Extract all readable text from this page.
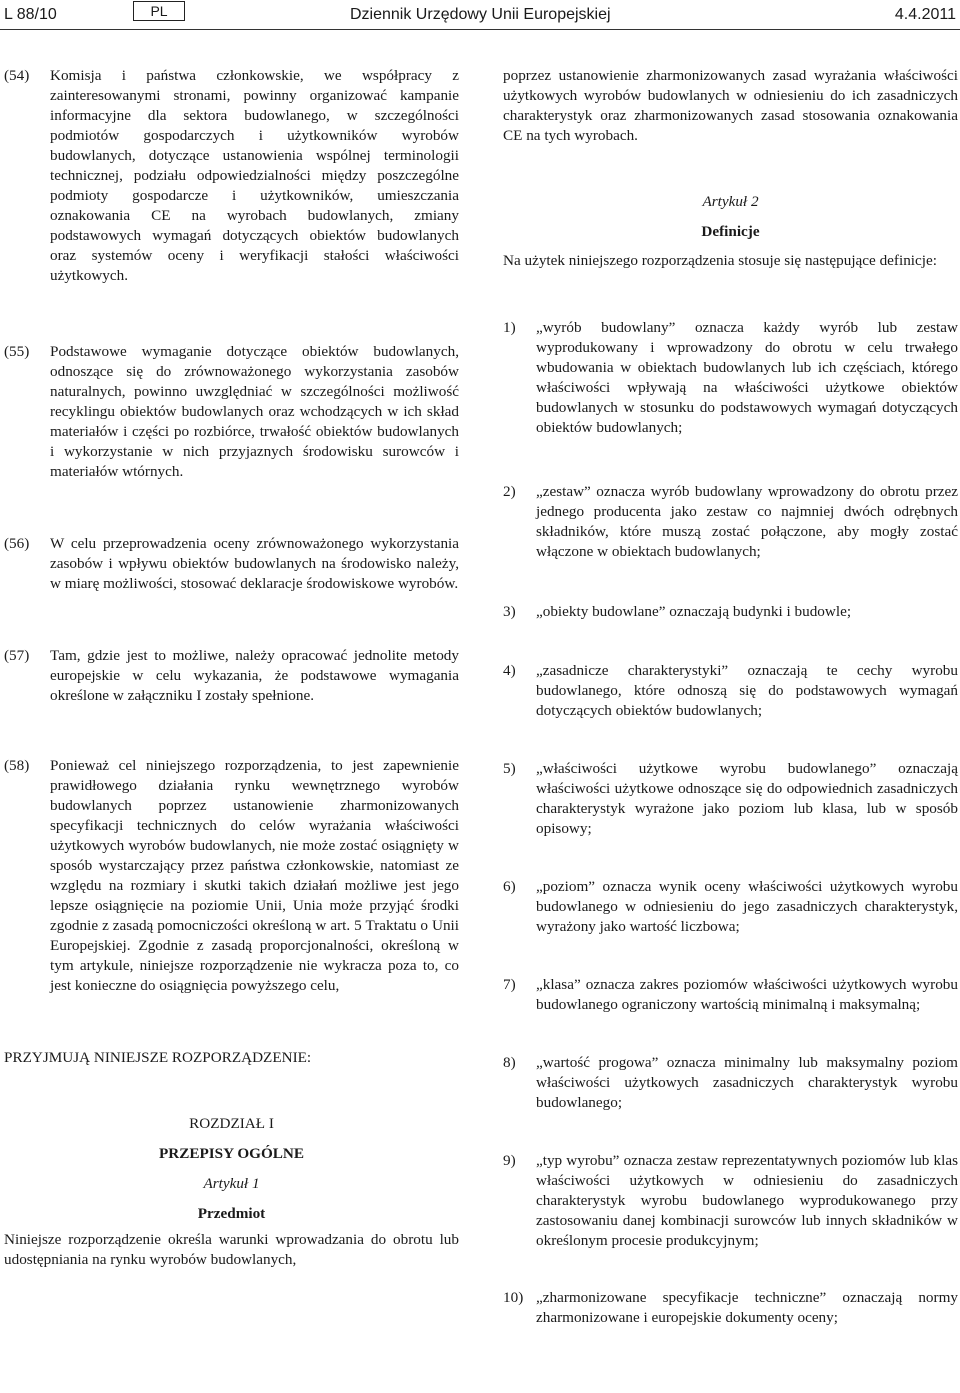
L 88/10	PL	Dziennik Urzędowy Unii Europejskiej	4.4.2011
(54) Komisja i państwa członkowskie, we współpracy z zainteresowanymi stronami, powinny organizować kampanie informacyjne dla sektora budowlanego, w szczególności podmiotów gospodarczych i użytkowników wyrobów budowlanych, dotyczące ustanowienia wspólnej terminologii technicznej, podziału odpowiedzialności między poszczególne podmioty gospodarcze i użytkowników, umieszczania oznakowania CE na wyrobach budowlanych, zmiany podstawowych wymagań dotyczących obiektów budowlanych oraz systemów oceny i weryfikacji stałości właściwości użytkowych.
(55) Podstawowe wymaganie dotyczące obiektów budowlanych, odnoszące się do zrównoważonego wykorzystania zasobów naturalnych, powinno uwzględniać w szczególności możliwość recyklingu obiektów budowlanych oraz wchodzących w ich skład materiałów i części po rozbiórce, trwałość obiektów budowlanych i wykorzystanie w nich przyjaznych środowisku surowców i materiałów wtórnych.
(56) W celu przeprowadzenia oceny zrównoważonego wykorzystania zasobów i wpływu obiektów budowlanych na środowisko należy, w miarę możliwości, stosować deklaracje środowiskowe wyrobów.
(57) Tam, gdzie jest to możliwe, należy opracować jednolite metody europejskie w celu wykazania, że podstawowe wymagania określone w załączniku I zostały spełnione.
(58) Ponieważ cel niniejszego rozporządzenia, to jest zapewnienie prawidłowego działania rynku wewnętrznego wyrobów budowlanych poprzez ustanowienie zharmonizowanych specyfikacji technicznych do celów wyrażania właściwości użytkowych wyrobów budowlanych, nie może zostać osiągnięty w sposób wystarczający przez państwa członkowskie, natomiast ze względu na rozmiary i skutki takich działań możliwe jest jego lepsze osiągnięcie na poziomie Unii, Unia może przyjąć środki zgodnie z zasadą pomocniczości określoną w art. 5 Traktatu o Unii Europejskiej. Zgodnie z zasadą proporcjonalności, określoną w tym artykule, niniejsze rozporządzenie nie wykracza poza to, co jest konieczne do osiągnięcia powyższego celu,
PRZYJMUJĄ NINIEJSZE ROZPORZĄDZENIE:
ROZDZIAŁ I
PRZEPISY OGÓLNE
Artykuł 1
Przedmiot
Niniejsze rozporządzenie określa warunki wprowadzania do obrotu lub udostępniania na rynku wyrobów budowlanych,
poprzez ustanowienie zharmonizowanych zasad wyrażania właściwości użytkowych wyrobów budowlanych w odniesieniu do ich zasadniczych charakterystyk oraz zharmonizowanych zasad stosowania oznakowania CE na tych wyrobach.
Artykuł 2
Definicje
Na użytek niniejszego rozporządzenia stosuje się następujące definicje:
1) „wyrób budowlany” oznacza każdy wyrób lub zestaw wyprodukowany i wprowadzony do obrotu w celu trwałego wbudowania w obiektach budowlanych lub ich częściach, którego właściwości wpływają na właściwości użytkowe obiektów budowlanych w stosunku do podstawowych wymagań dotyczących obiektów budowlanych;
2) „zestaw” oznacza wyrób budowlany wprowadzony do obrotu przez jednego producenta jako zestaw co najmniej dwóch odrębnych składników, które muszą zostać połączone, aby mogły zostać włączone w obiektach budowlanych;
3) „obiekty budowlane” oznaczają budynki i budowle;
4) „zasadnicze charakterystyki” oznaczają te cechy wyrobu budowlanego, które odnoszą się do podstawowych wymagań dotyczących obiektów budowlanych;
5) „właściwości użytkowe wyrobu budowlanego” oznaczają właściwości użytkowe odnoszące się do odpowiednich zasadniczych charakterystyk wyrażone jako poziom lub klasa, lub w sposób opisowy;
6) „poziom” oznacza wynik oceny właściwości użytkowych wyrobu budowlanego w odniesieniu do jego zasadniczych charakterystyk, wyrażony jako wartość liczbowa;
7) „klasa” oznacza zakres poziomów właściwości użytkowych wyrobu budowlanego ograniczony wartością minimalną i maksymalną;
8) „wartość progowa” oznacza minimalny lub maksymalny poziom właściwości użytkowych zasadniczych charakterystyk wyrobu budowlanego;
9) „typ wyrobu” oznacza zestaw reprezentatywnych poziomów lub klas właściwości użytkowych w odniesieniu do zasadniczych charakterystyk wyrobu budowlanego wyprodukowanego przy zastosowaniu danej kombinacji surowców lub innych składników w określonym procesie produkcyjnym;
10) „zharmonizowane specyfikacje techniczne” oznaczają normy zharmonizowane i europejskie dokumenty oceny;
